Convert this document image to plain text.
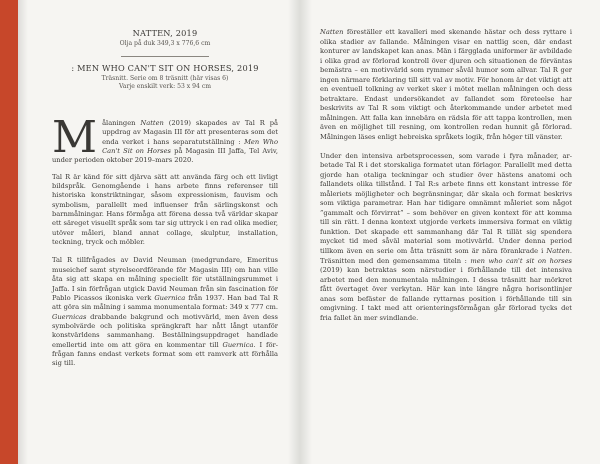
NATTEN, 2019

Olja på duk 349,3 x 776,6 cm

: MEN WHO CAN'T SIT ON HORSES, 2019

Träsnitt. Serie om 8 träsnitt (här visas 6)

Varje enskilt verk: 53 x 94 cm

Målaningen Natten (2019) skapades av Tal R på uppdrag av Magasin III för att presenteras som det enda verket i hans separatutställning : Men Who Can't Sit on Horses på Magasin III Jaffa, Tel Aviv, under perioden oktober 2019–mars 2020.

Tal R är känd för sitt djärva sätt att använda färg och ett livligt bildspråk. Genomgående i hans arbete finns referenser till historiska konstriktningar, såsom expressionism, fauvism och symbolism, parallellt med influenser från särlingskonst och barnmålningar. Hans förmåga att förena dessa två världar skapar ett säreget visuellt språk som tar sig uttryck i en rad olika medier, utöver måleri, bland annat collage, skulptur, installation, teckning, tryck och möbler.

Tal R tillfrågades av David Neuman (medgrundare, Emeritus museichef samt styrelseordförande för Magasin III) om han ville åta sig att skapa en målning speciellt för utställningsrummet i Jaffa. I sin förfrågan utgick David Neuman från sin fascination för Pablo Picassos ikoniska verk Guernica från 1937. Han bad Tal R att göra sin målning i samma monumentala format: 349 x 777 cm. Guernicas drabbande bakgrund och motivvärld, men även dess symbolvärde och politiska sprängkraft har nått långt utanför konstvärldens sammanhang. Beställningsuppdraget handlade emellertid inte om att göra en kommentar till Guernica. I förfrågan fanns endast verkets format som ett ramverk att förhålla sig till.

Natten föreställer ett kavalleri med skenande hästar och dess ryttare i olika stadier av fallande. Målningen visar en nattlig scen, där endast konturer av landskapet kan anas. Män i färgglada uniformer är avbildade i olika grad av förlorad kontroll över djuren och situationen de förväntas bemästra – en motivvärld som rymmer såväl humor som allvar. Tal R ger ingen närmare förklaring till sitt val av motiv. För honom är det viktigt att en eventuell tolkning av verket sker i mötet mellan målningen och dess betraktare. Endast undersökandet av fallandet som företeelse har beskrivits av Tal R som viktigt och återkommande under arbetet med målningen. Att falla kan innebära en rädsla för att tappa kontrollen, men även en möjlighet till resning, om kontrollen redan hunnit gå förlorad. Målningen läses enligt hebreiska språkets logik, från höger till vänster.

Under den intensiva arbetsprocessen, som varade i fyra månader, arbetade Tal R i det storskaliga formatet utan förlagor. Parallellt med detta gjorde han otaliga teckningar och studier över hästens anatomi och fallandets olika tillstånd. I Tal R:s arbete finns ett konstant intresse för måleriets möjligheter och begränsningar, där skala och format beskrivs som viktiga parametrar. Han har tidigare omnämnt måleriet som något ”gammalt och förvirrat” – som behöver en given kontext för att komma till sin rätt. I denna kontext utgjorde verkets immersiva format en viktig funktion. Det skapade ett sammanhang där Tal R tillät sig spendera mycket tid med såväl material som motivvärld. Under denna period tillkom även en serie om åtta träsnitt som är nära förankrade i Natten. Träsnitten med den gemensamma titeln : men who can't sit on horses (2019) kan betraktas som närstudier i förhållande till det intensiva arbetet med den monumentala målningen. I dessa träsnitt har mörkret fått övertaget över verkytan. Här kan inte längre några horisontlinjer anas som befäster de fallande ryttarnas position i förhållande till sin omgivning. I takt med att orienteringsförmågan går förlorad tycks det fria fallet än mer svindlande.
